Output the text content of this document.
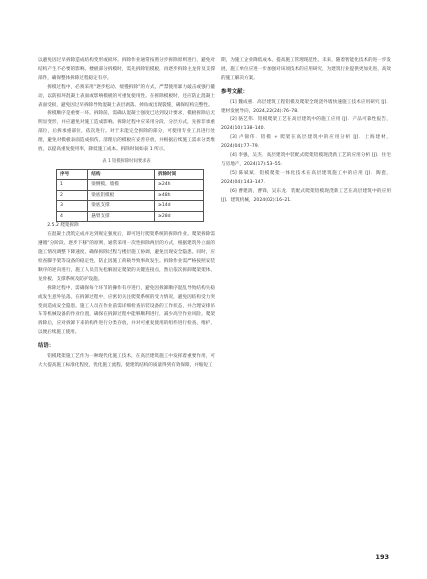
以避免因过早拆除造成结构变形或损坏。拆除作业通常按照分步拆除原则进行，避免对结构产生不必要的影响。楼板部分拆模时，需先拆除铝模板，再逐步拆除主龙骨及支撑部件，确保整体拆除过程稳定有序。

拆模过程中，必须采用“逐步松动、缓慢拆除”的方式，严禁使用暴力敲击或强行撬动，以防损坏混凝土表面或影响模板的可重复使用性。在拆除模板时，还应防止混凝土表面受损，避免因过早拆除导致混凝土表层剥落、掉角或出现裂缝，确保结构完整性。

拆模顺序是重要一环。拆除前，需确认混凝土强度已达到设计要求，模板拆除后无明显变形，并应避免对施工造成影响。拆除过程中应采用分段、分层方式，先拆非承重部位，后拆承重部位，依次进行。对于未能完全拆除的部分，可使用专业工具进行处理，避免对模板表面造成损伤。清理后的模板应妥善存放，并根据后续施工需求分类堆放，以提高重复使用率，降低施工成本。拆除时间如表 1 所示。

表 1 铝模拆除时间要求表
序号	结构	拆除时间
1	梁侧模、墙模	≥24h
2	梁底铝模板	≥48h
3	梁底支撑	≥14d
4	悬臂支撑	≥28d

2.5.2 爬架拆除

在混凝土浇筑完成并达到规定强度后，即可进行爬架系统的拆除作业。爬架拆除需遵循“分阶段、逐步下移”的原则，通常采用一次性拆除两层的方式，根据建筑外立面的施工情况调整下降速度，确保拆除过程与楼层施工协调，避免出现安全隐患。同时，应检查脚手架等设备的稳定性，防止因施工荷载导致事故发生。拆除作业需严格按照安装顺序的逆向进行，施工人员首先松解固定爬架的关键连接点，然后依次拆卸爬架架体、龙骨板、支撑系统及防护设施。

拆除过程中，需确保每个环节的操作有序进行，避免因拆卸顺序混乱导致结构失稳或发生意外坠落。在拆卸过程中，应密切关注爬架系统的受力情况，避免因结构受力突变而造成安全隐患。施工人员在作业前需详细检查吊装设备的工作状态，并合理安排吊车等机械设备的作业位置，确保在拆卸过程中能够顺利进行，减少高空作业风险。爬架拆除后，应对拆卸下来的构件进行分类存放，并对可重复使用的组件进行检查、维护，以便后续施工使用。

结语：

铝模爬架施工艺作为一种现代化施工技术，在高层建筑施工中发挥着重要作用，可大大提高施工标准化程度，优化施工流程，使建筑结构的质量得到有效保障，并缩短工

期，为施工企业降低成本，提高施工管理现范性。未来，随着智能化技术的进一步发展，施工单位应进一步加强对该项技术的应用研究，为建筑行业提供更加先进、高效的施工解决方案。

参考文献：
[1] 魏成惠．高层建筑工程铝模及爬架全现浇外墙快速施工技术应用研究 [J]．建材发展导向，2024,22(24):76–78.
[2] 骆艺伟．铝模爬架工艺在高层建筑中的施工应用 [J]．产品可靠性报告，2024(10):138–140.
[3] 卢锦伟．铝模 + 爬架在高层建筑中的应用分析 [J]．上海建材，2024(04):77–79.
[4] 李强，吴杰．高层建筑中装配式爬架铝模现浇新工艺的应用分析 [J]．住宅与房地产，2024(17):53–55.
[5] 陈斌斌．铝模爬架一体化技术在高层建筑施工中的应用 [J]．陶瓷，2024(04):143–147.
[6] 曹建鸽，曹锋，吴东龙．装配式爬架铝模现浇新工艺在高层建筑中的应用 [J]．建筑机械，2024(02):16–21.
193
